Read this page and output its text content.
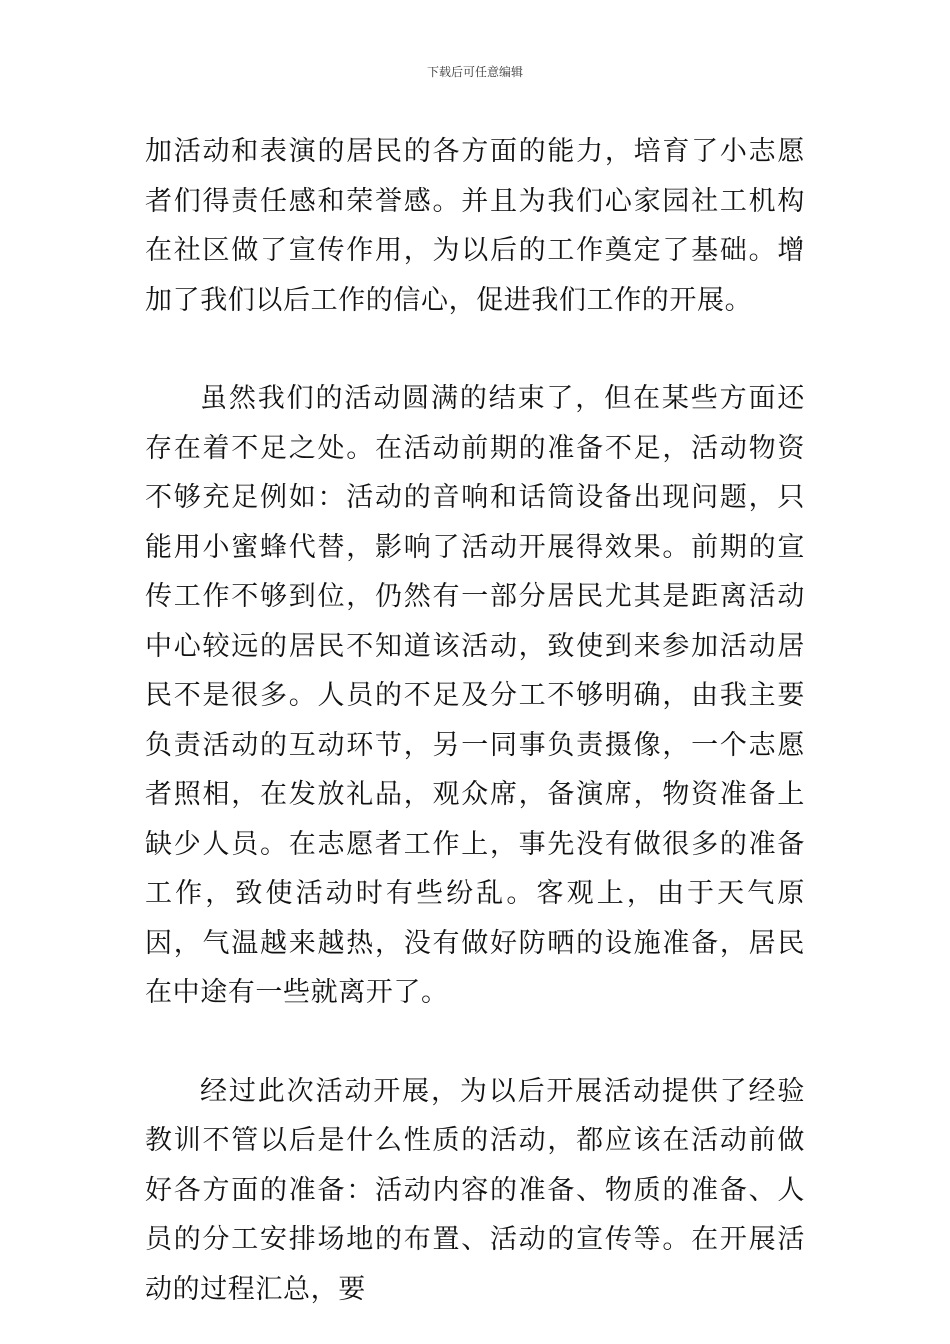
下载后可任意编辑

加活动和表演的居民的各方面的能力，培育了小志愿者们得责任感和荣誉感。并且为我们心家园社工机构在社区做了宣传作用，为以后的工作奠定了基础。增加了我们以后工作的信心，促进我们工作的开展。

虽然我们的活动圆满的结束了，但在某些方面还存在着不足之处。在活动前期的准备不足，活动物资不够充足例如：活动的音响和话筒设备出现问题，只能用小蜜蜂代替，影响了活动开展得效果。前期的宣传工作不够到位，仍然有一部分居民尤其是距离活动中心较远的居民不知道该活动，致使到来参加活动居民不是很多。人员的不足及分工不够明确，由我主要负责活动的互动环节，另一同事负责摄像，一个志愿者照相，在发放礼品，观众席，备演席，物资准备上缺少人员。在志愿者工作上，事先没有做很多的准备工作，致使活动时有些纷乱。客观上，由于天气原因，气温越来越热，没有做好防晒的设施准备，居民在中途有一些就离开了。

经过此次活动开展，为以后开展活动提供了经验教训不管以后是什么性质的活动，都应该在活动前做好各方面的准备：活动内容的准备、物质的准备、人员的分工安排场地的布置、活动的宣传等。在开展活动的过程汇总，要
